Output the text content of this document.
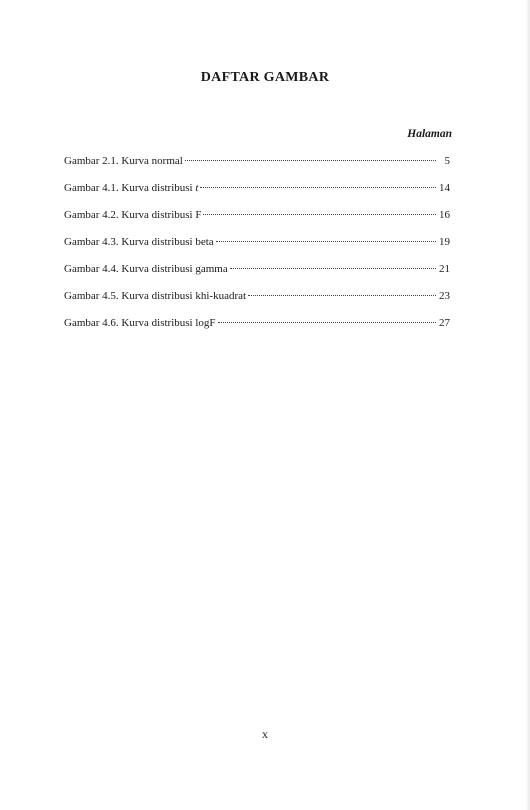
DAFTAR GAMBAR
Halaman
Gambar 2.1. Kurva normal	5
Gambar 4.1. Kurva distribusi t	14
Gambar 4.2. Kurva distribusi F	16
Gambar 4.3. Kurva distribusi beta	19
Gambar 4.4. Kurva distribusi gamma	21
Gambar 4.5. Kurva distribusi khi-kuadrat	23
Gambar 4.6. Kurva distribusi logF	27
x
